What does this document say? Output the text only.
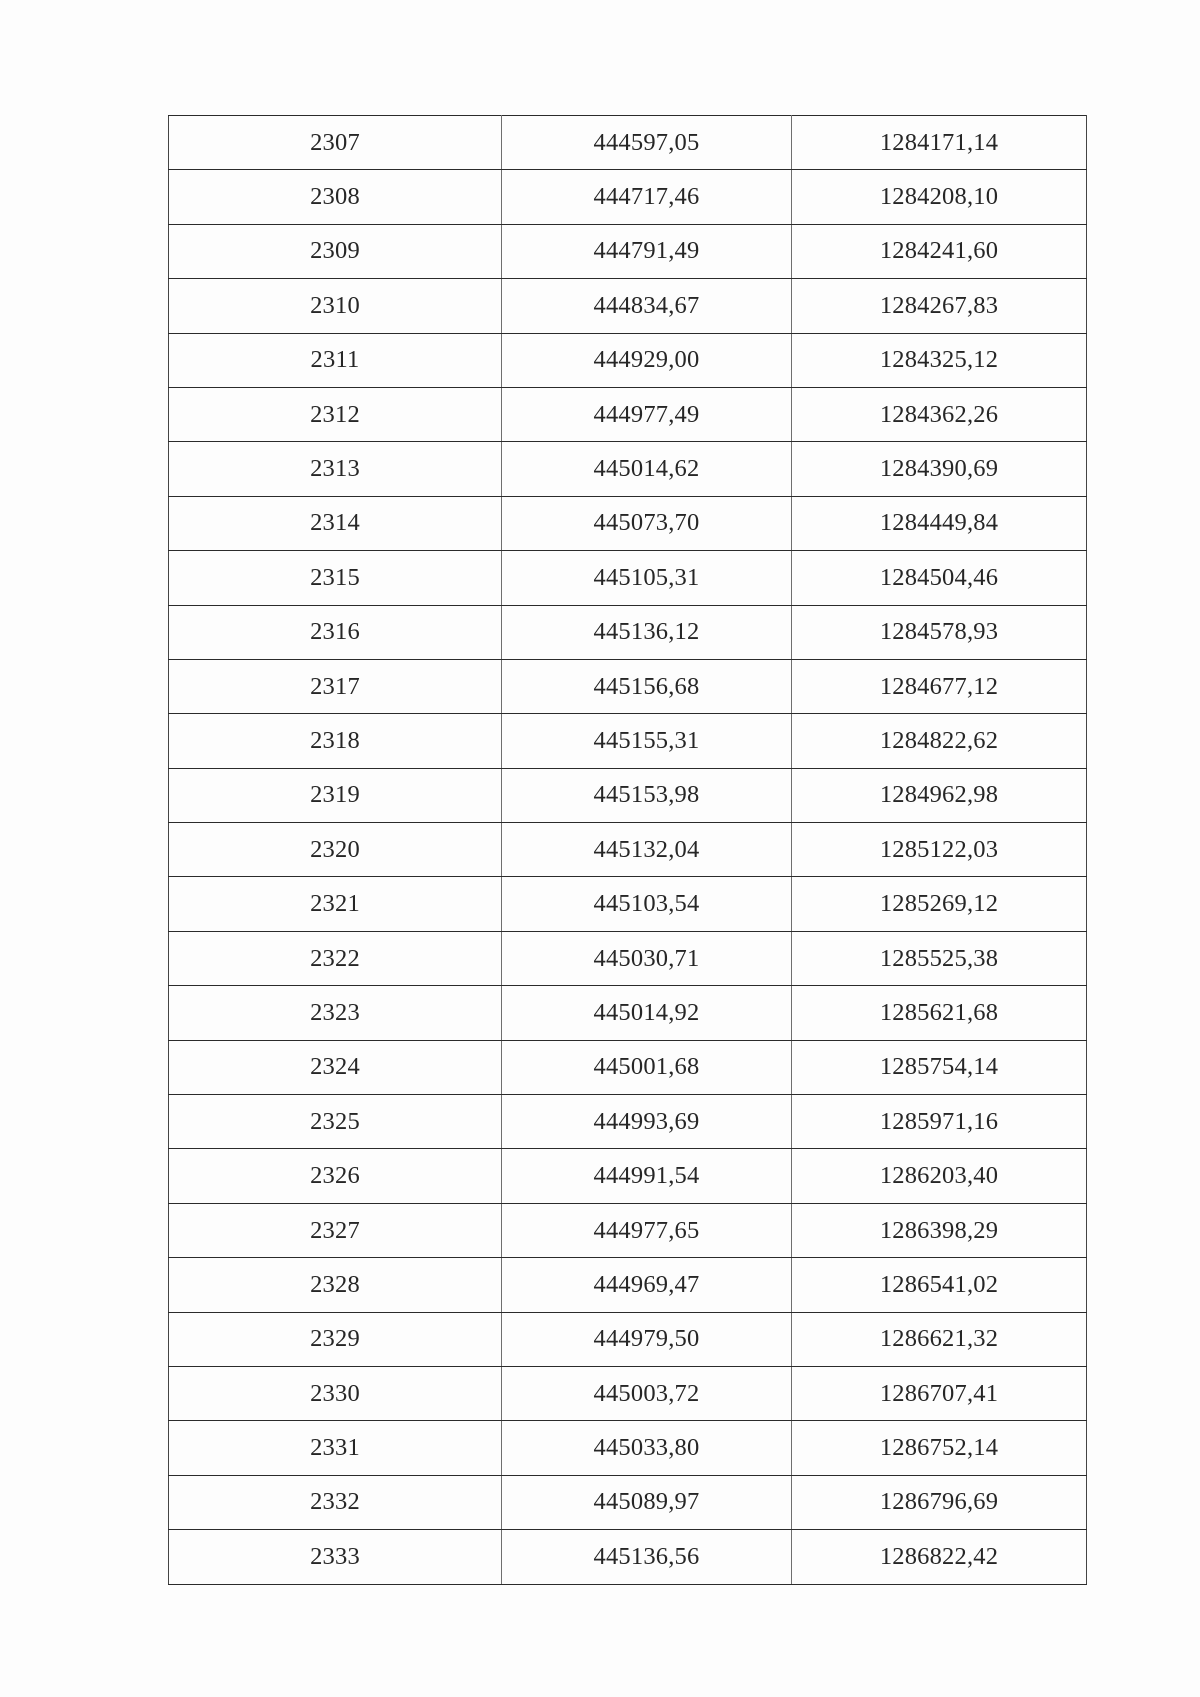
2307	444597,05	1284171,14
2308	444717,46	1284208,10
2309	444791,49	1284241,60
2310	444834,67	1284267,83
2311	444929,00	1284325,12
2312	444977,49	1284362,26
2313	445014,62	1284390,69
2314	445073,70	1284449,84
2315	445105,31	1284504,46
2316	445136,12	1284578,93
2317	445156,68	1284677,12
2318	445155,31	1284822,62
2319	445153,98	1284962,98
2320	445132,04	1285122,03
2321	445103,54	1285269,12
2322	445030,71	1285525,38
2323	445014,92	1285621,68
2324	445001,68	1285754,14
2325	444993,69	1285971,16
2326	444991,54	1286203,40
2327	444977,65	1286398,29
2328	444969,47	1286541,02
2329	444979,50	1286621,32
2330	445003,72	1286707,41
2331	445033,80	1286752,14
2332	445089,97	1286796,69
2333	445136,56	1286822,42
